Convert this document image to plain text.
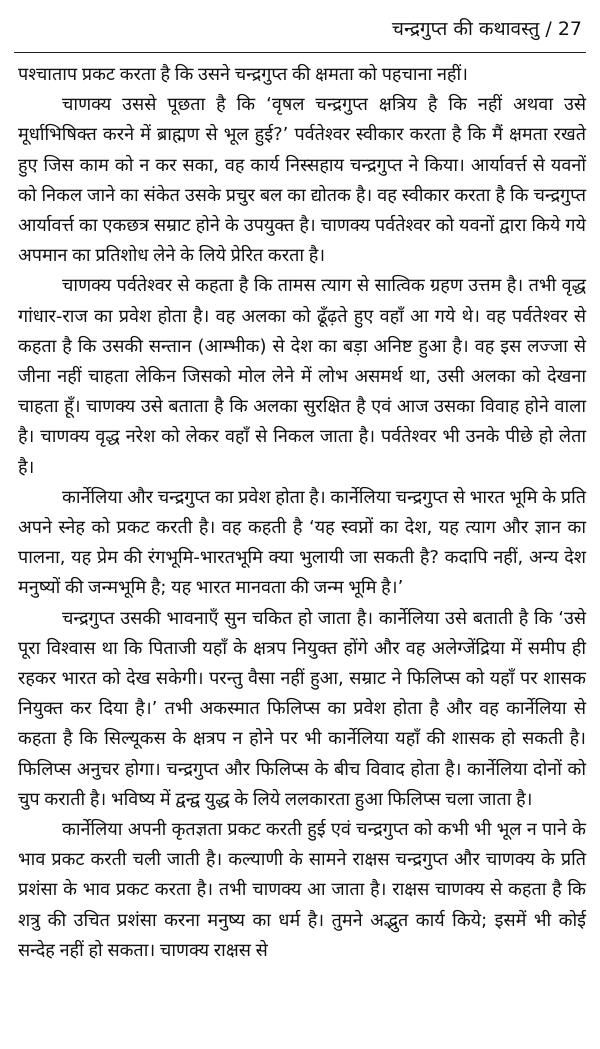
चन्द्रगुप्त की कथावस्तु / 27

पश्चाताप प्रकट करता है कि उसने चन्द्रगुप्त की क्षमता को पहचाना नहीं।

चाणक्य उससे पूछता है कि ‘वृषल चन्द्रगुप्त क्षत्रिय है कि नहीं अथवा उसे मूर्धाभिषिक्त करने में ब्राह्मण से भूल हुई?’ पर्वतेश्वर स्वीकार करता है कि मैं क्षमता रखते हुए जिस काम को न कर सका, वह कार्य निस्सहाय चन्द्रगुप्त ने किया। आर्यावर्त्त से यवनों को निकल जाने का संकेत उसके प्रचुर बल का द्योतक है। वह स्वीकार करता है कि चन्द्रगुप्त आर्यावर्त्त का एकछत्र सम्राट होने के उपयुक्त है। चाणक्य पर्वतेश्वर को यवनों द्वारा किये गये अपमान का प्रतिशोध लेने के लिये प्रेरित करता है।

चाणक्य पर्वतेश्वर से कहता है कि तामस त्याग से सात्विक ग्रहण उत्तम है। तभी वृद्ध गांधार-राज का प्रवेश होता है। वह अलका को ढूँढ़ते हुए वहाँ आ गये थे। वह पर्वतेश्वर से कहता है कि उसकी सन्तान (आम्भीक) से देश का बड़ा अनिष्ट हुआ है। वह इस लज्जा से जीना नहीं चाहता लेकिन जिसको मोल लेने में लोभ असमर्थ था, उसी अलका को देखना चाहता हूँ। चाणक्य उसे बताता है कि अलका सुरक्षित है एवं आज उसका विवाह होने वाला है। चाणक्य वृद्ध नरेश को लेकर वहाँ से निकल जाता है। पर्वतेश्वर भी उनके पीछे हो लेता है।

कार्नेलिया और चन्द्रगुप्त का प्रवेश होता है। कार्नेलिया चन्द्रगुप्त से भारत भूमि के प्रति अपने स्नेह को प्रकट करती है। वह कहती है ‘यह स्वप्नों का देश, यह त्याग और ज्ञान का पालना, यह प्रेम की रंगभूमि-भारतभूमि क्या भुलायी जा सकती है? कदापि नहीं, अन्य देश मनुष्यों की जन्मभूमि है; यह भारत मानवता की जन्म भूमि है।’

चन्द्रगुप्त उसकी भावनाएँ सुन चकित हो जाता है। कार्नेलिया उसे बताती है कि ‘उसे पूरा विश्वास था कि पिताजी यहाँ के क्षत्रप नियुक्त होंगे और वह अलेग्जेंद्रिया में समीप ही रहकर भारत को देख सकेगी। परन्तु वैसा नहीं हुआ, सम्राट ने फिलिप्स को यहाँ पर शासक नियुक्त कर दिया है।’ तभी अकस्मात फिलिप्स का प्रवेश होता है और वह कार्नेलिया से कहता है कि सिल्यूकस के क्षत्रप न होने पर भी कार्नेलिया यहाँ की शासक हो सकती है। फिलिप्स अनुचर होगा। चन्द्रगुप्त और फिलिप्स के बीच विवाद होता है। कार्नेलिया दोनों को चुप कराती है। भविष्य में द्वन्द्व युद्ध के लिये ललकारता हुआ फिलिप्स चला जाता है।

कार्नेलिया अपनी कृतज्ञता प्रकट करती हुई एवं चन्द्रगुप्त को कभी भी भूल न पाने के भाव प्रकट करती चली जाती है। कल्याणी के सामने राक्षस चन्द्रगुप्त और चाणक्य के प्रति प्रशंसा के भाव प्रकट करता है। तभी चाणक्य आ जाता है। राक्षस चाणक्य से कहता है कि शत्रु की उचित प्रशंसा करना मनुष्य का धर्म है। तुमने अद्भुत कार्य किये; इसमें भी कोई सन्देह नहीं हो सकता। चाणक्य राक्षस से
